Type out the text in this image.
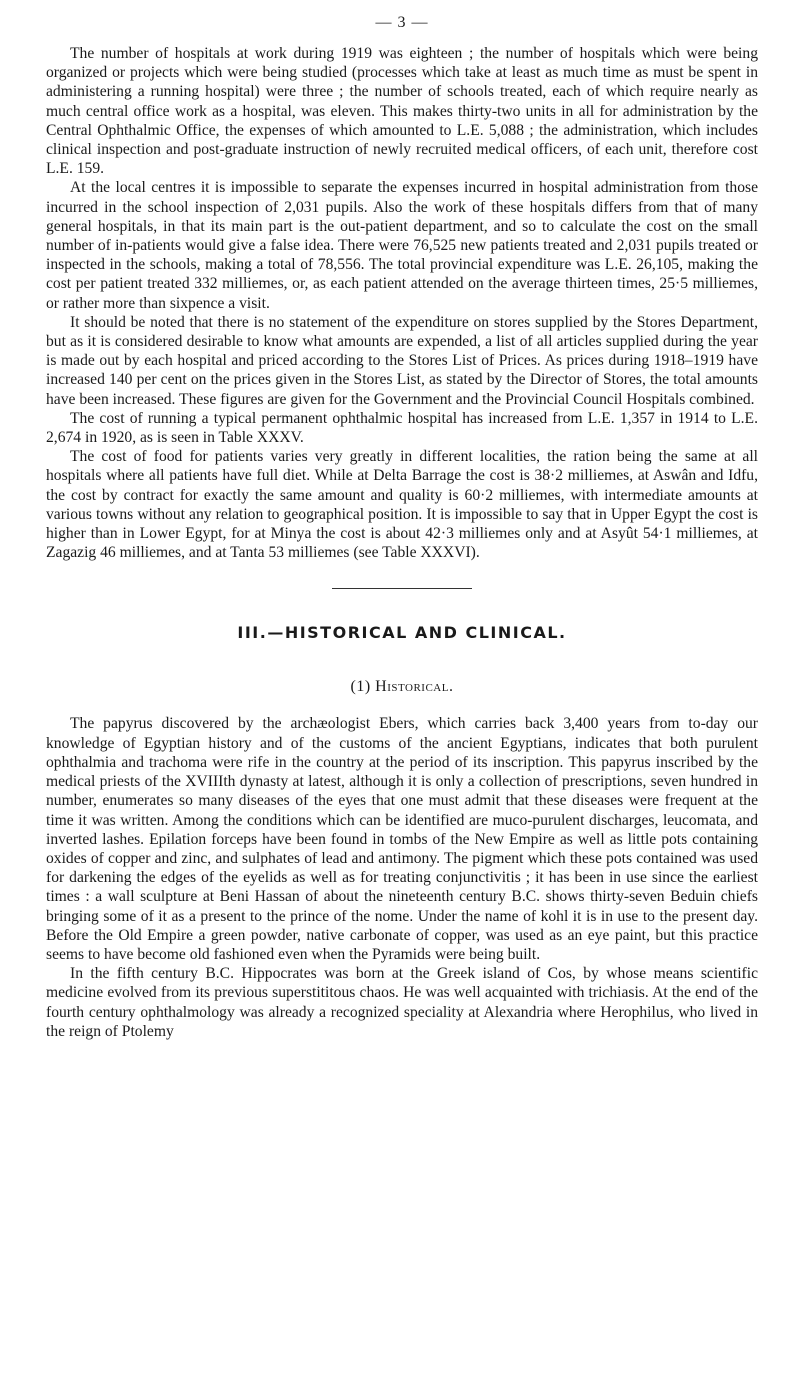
— 3 —

The number of hospitals at work during 1919 was eighteen ; the number of hospitals which were being organized or projects which were being studied (processes which take at least as much time as must be spent in administering a running hospital) were three ; the number of schools treated, each of which require nearly as much central office work as a hospital, was eleven. This makes thirty-two units in all for administration by the Central Ophthalmic Office, the expenses of which amounted to L.E. 5,088 ; the administration, which includes clinical inspection and post-graduate instruction of newly recruited medical officers, of each unit, therefore cost L.E. 159.

At the local centres it is impossible to separate the expenses incurred in hospital administration from those incurred in the school inspection of 2,031 pupils. Also the work of these hospitals differs from that of many general hospitals, in that its main part is the out-patient department, and so to calculate the cost on the small number of in-patients would give a false idea. There were 76,525 new patients treated and 2,031 pupils treated or inspected in the schools, making a total of 78,556. The total provincial expenditure was L.E. 26,105, making the cost per patient treated 332 milliemes, or, as each patient attended on the average thirteen times, 25·5 milliemes, or rather more than sixpence a visit.

It should be noted that there is no statement of the expenditure on stores supplied by the Stores Department, but as it is considered desirable to know what amounts are expended, a list of all articles supplied during the year is made out by each hospital and priced according to the Stores List of Prices. As prices during 1918–1919 have increased 140 per cent on the prices given in the Stores List, as stated by the Director of Stores, the total amounts have been increased. These figures are given for the Government and the Provincial Council Hospitals combined.

The cost of running a typical permanent ophthalmic hospital has increased from L.E. 1,357 in 1914 to L.E. 2,674 in 1920, as is seen in Table XXXV.

The cost of food for patients varies very greatly in different localities, the ration being the same at all hospitals where all patients have full diet. While at Delta Barrage the cost is 38·2 milliemes, at Aswân and Idfu, the cost by contract for exactly the same amount and quality is 60·2 milliemes, with intermediate amounts at various towns without any relation to geographical position. It is impossible to say that in Upper Egypt the cost is higher than in Lower Egypt, for at Minya the cost is about 42·3 milliemes only and at Asyût 54·1 milliemes, at Zagazig 46 milliemes, and at Tanta 53 milliemes (see Table XXXVI).

III.—HISTORICAL AND CLINICAL.
(1) Historical.

The papyrus discovered by the archæologist Ebers, which carries back 3,400 years from to-day our knowledge of Egyptian history and of the customs of the ancient Egyptians, indicates that both purulent ophthalmia and trachoma were rife in the country at the period of its inscription. This papyrus inscribed by the medical priests of the XVIIIth dynasty at latest, although it is only a collection of prescriptions, seven hundred in number, enumerates so many diseases of the eyes that one must admit that these diseases were frequent at the time it was written. Among the conditions which can be identified are muco-purulent discharges, leucomata, and inverted lashes. Epilation forceps have been found in tombs of the New Empire as well as little pots containing oxides of copper and zinc, and sulphates of lead and antimony. The pigment which these pots contained was used for darkening the edges of the eyelids as well as for treating conjunctivitis ; it has been in use since the earliest times : a wall sculpture at Beni Hassan of about the nineteenth century B.C. shows thirty-seven Beduin chiefs bringing some of it as a present to the prince of the nome. Under the name of kohl it is in use to the present day. Before the Old Empire a green powder, native carbonate of copper, was used as an eye paint, but this practice seems to have become old fashioned even when the Pyramids were being built.

In the fifth century B.C. Hippocrates was born at the Greek island of Cos, by whose means scientific medicine evolved from its previous superstititous chaos. He was well acquainted with trichiasis. At the end of the fourth century ophthalmology was already a recognized speciality at Alexandria where Herophilus, who lived in the reign of Ptolemy
